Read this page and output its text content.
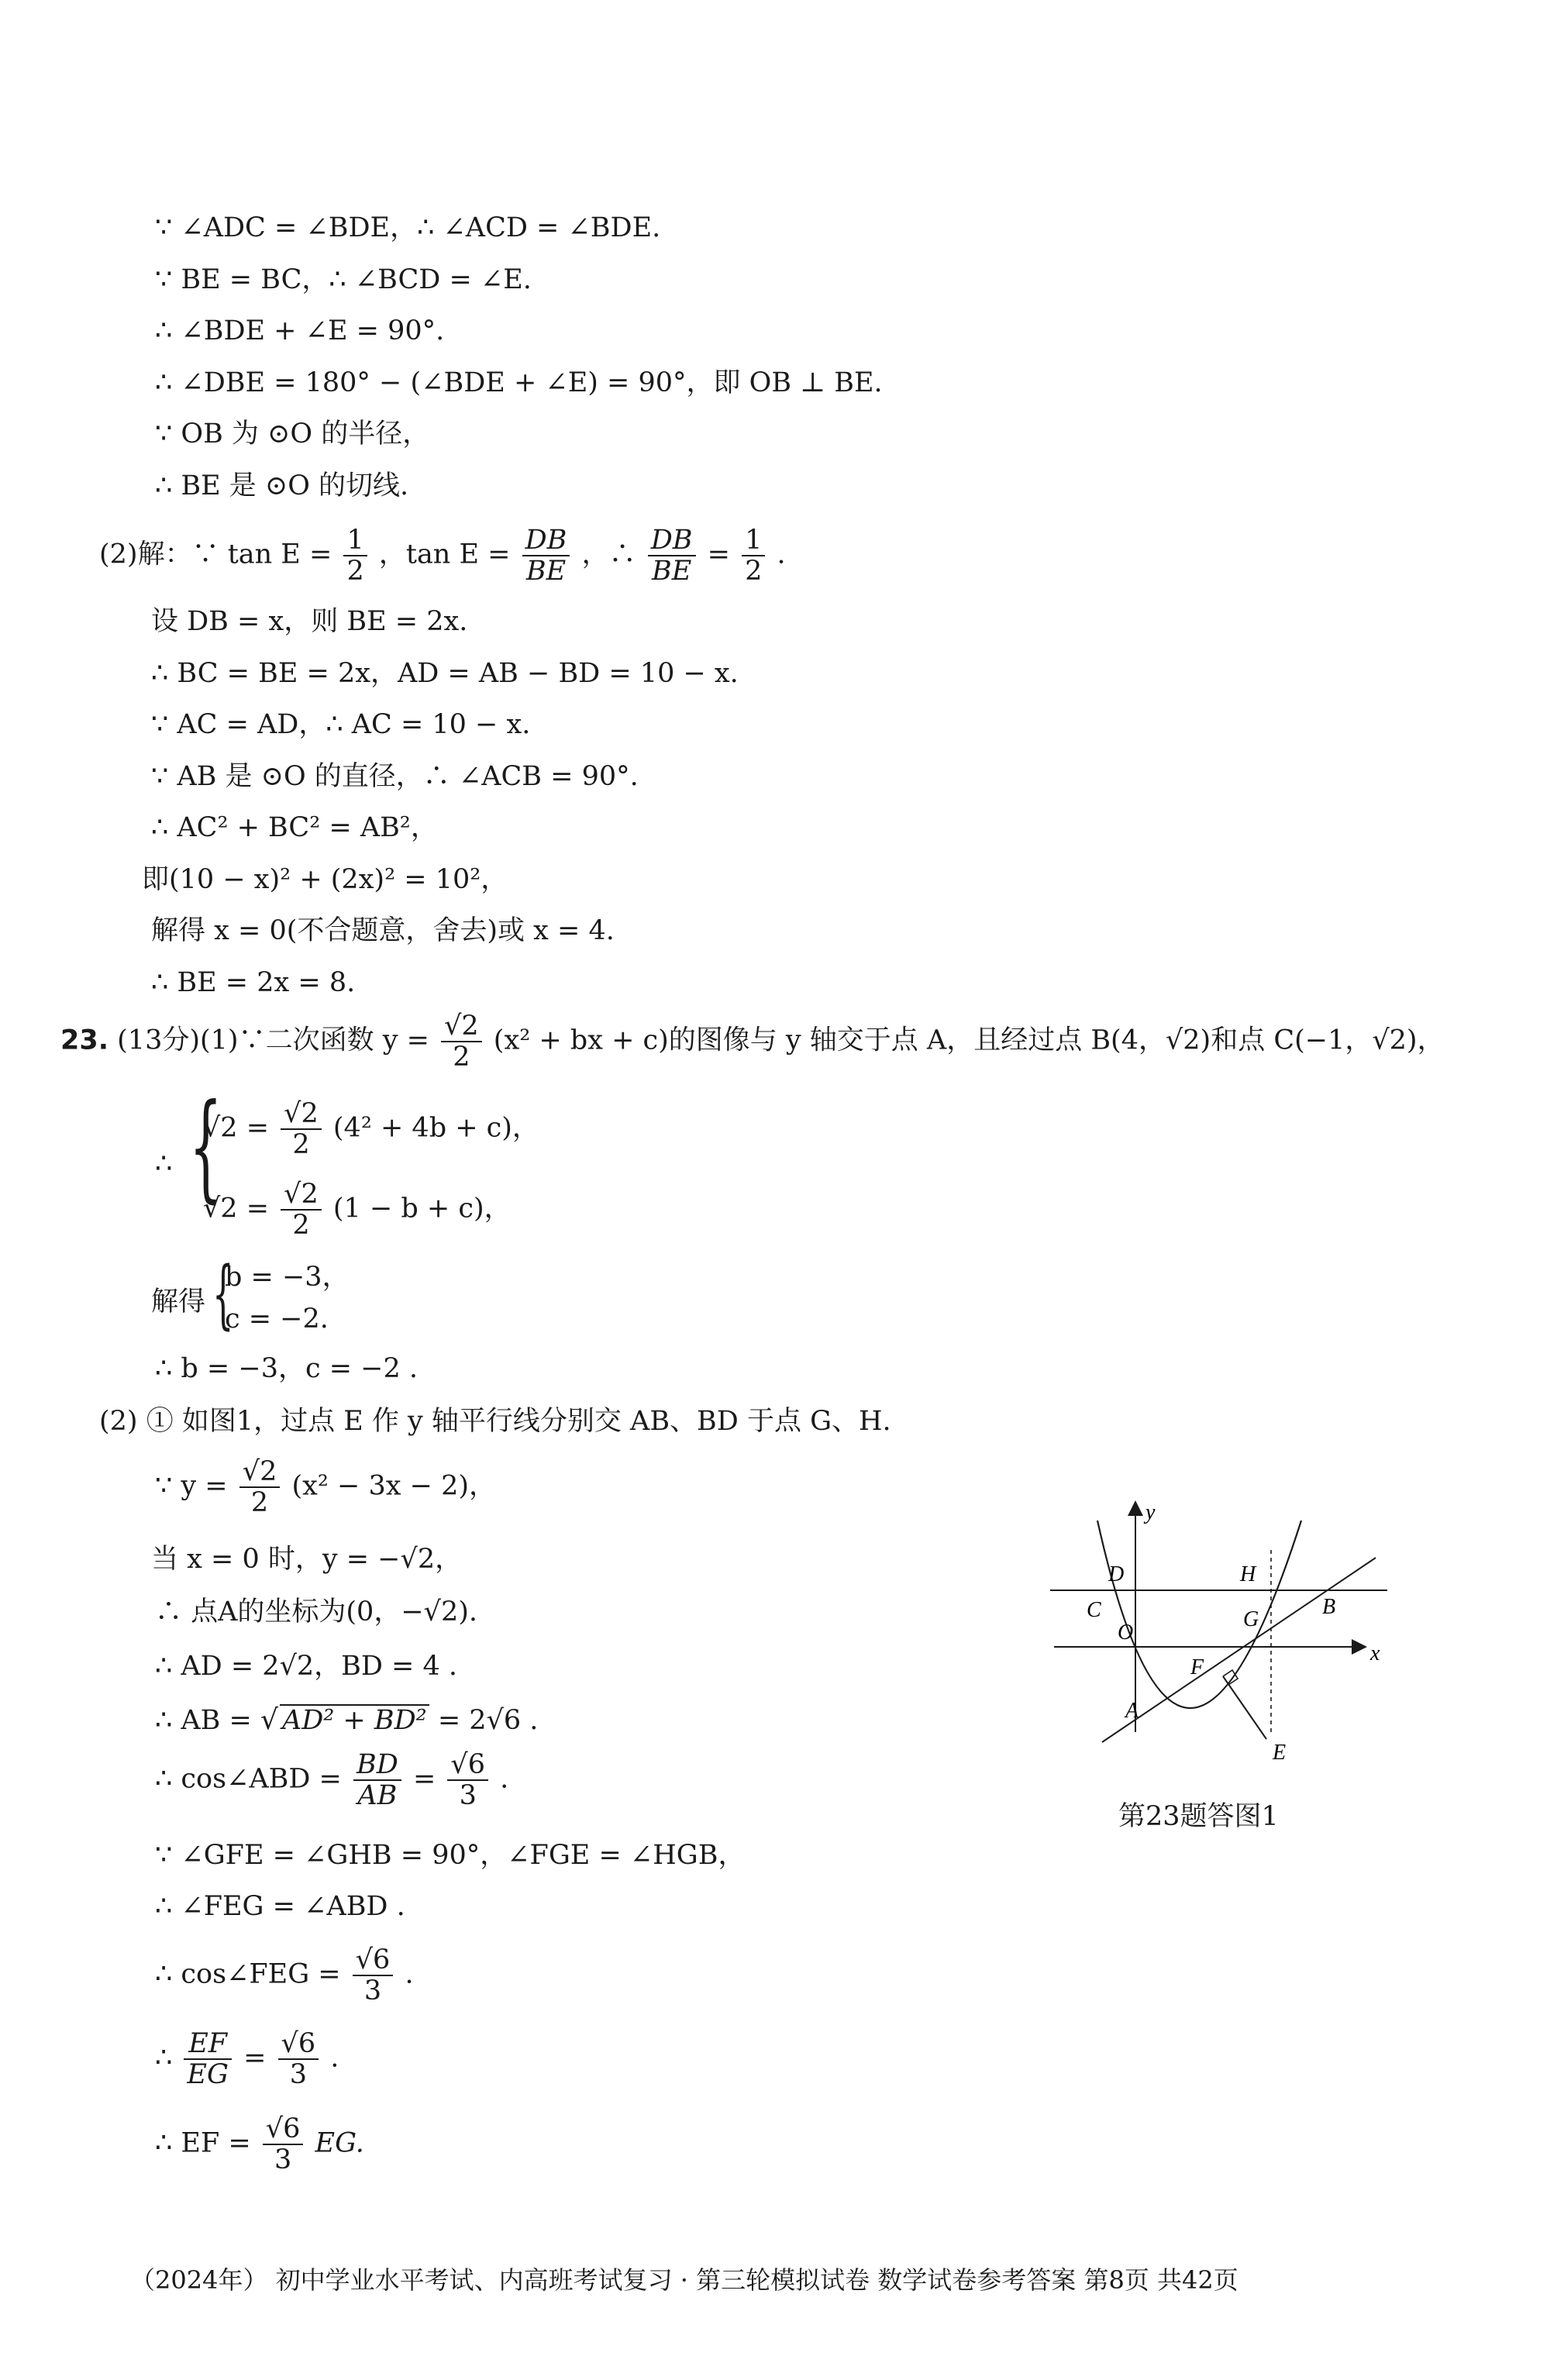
∵ ∠ADC = ∠BDE，∴ ∠ACD = ∠BDE.
∵ BE = BC，∴ ∠BCD = ∠E.
∴ ∠BDE + ∠E = 90°.
∴ ∠DBE = 180° − (∠BDE + ∠E) = 90°，即 OB ⊥ BE.
∵ OB 为 ⊙O 的半径，
∴ BE 是 ⊙O 的切线.
(2)解：∵ $\tan E = \frac{1}{2}$ ，$\tan E = \frac{DB}{BE}$ ，∴ $\frac{DB}{BE} = \frac{1}{2}$ .
设 DB = x，则 BE = 2x.
∴ BC = BE = 2x，AD = AB − BD = 10 − x.
∵ AC = AD，∴ AC = 10 − x.
∵ AB 是 ⊙O 的直径，∴ ∠ACB = 90°.
∴ AC² + BC² = AB²，
即(10 − x)² + (2x)² = 10²，
解得 x = 0(不合题意，舍去)或 x = 4.
∴ BE = 2x = 8.
23. (13分)(1)∵二次函数 $y = \frac{√2}{2} (x^2$ + bx + c)的图像与 y 轴交于点 A，且经过点 B(4，√2)和点 C(−1，√2)，
∴ {
$√2 = \frac{√2}{2} (4^2 + 4b + c)$，
$√2 = \frac{√2}{2} (1 - b + c)$，
解得 {
b = −3，
c = −2.
∴ b = −3，c = −2 .
(2) ① 如图1，过点 E 作 y 轴平行线分别交 AB、BD 于点 G、H.
∵ $y = \frac{√2}{2} (x^2 - 3x - 2)$，
当 x = 0 时，y = −√2，
∴ 点A的坐标为(0，−√2).
∴ AD = 2√2，BD = 4 .
∴ AB = √ AD² + BD² = 2√6 .
∴ cos∠ABD = $\frac{BD}{AB} = \frac{√6}{3}$ .
∵ ∠GFE = ∠GHB = 90°，∠FGE = ∠HGB，
∴ ∠FEG = ∠ABD .
∴ cos∠FEG = $\frac{√6}{3}$ .
∴ $\frac{EF}{EG} = \frac{√6}{3}$ .
∴ EF = $\frac{√6}{3}$ EG.
y
x
D	H
C	B
O
G
F
A
E
第23题答图1
（2024年） 初中学业水平考试、内高班考试复习 · 第三轮模拟试卷 数学试卷参考答案 第8页 共42页
